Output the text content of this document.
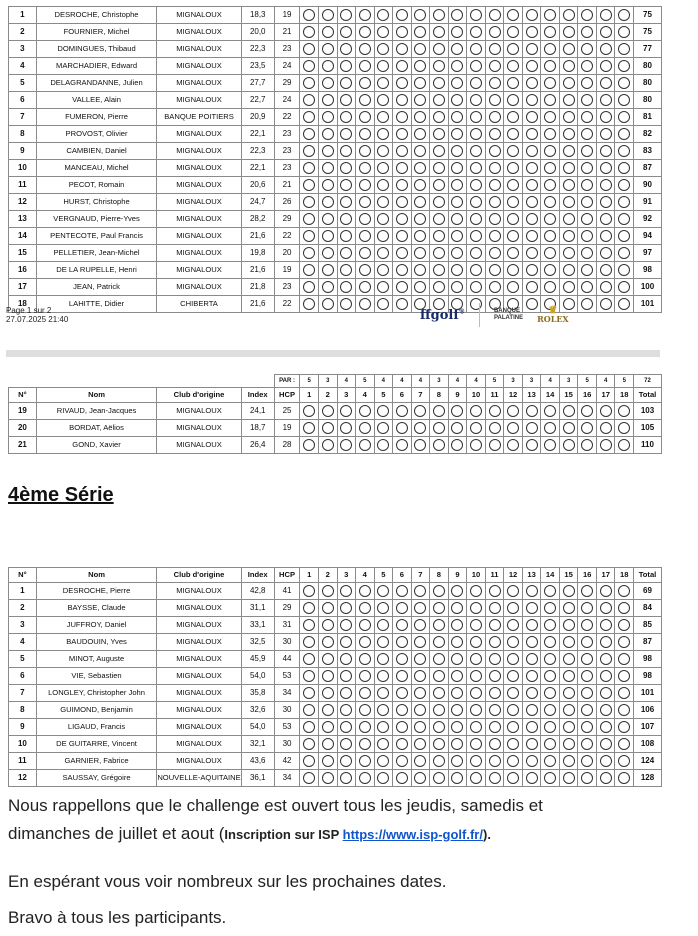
1	DESROCHE, Christophe	MIGNALOUX	18,3	19																			75
2	FOURNIER, Michel	MIGNALOUX	20,0	21																			75
3	DOMINGUES, Thibaud	MIGNALOUX	22,3	23																			77
4	MARCHADIER, Edward	MIGNALOUX	23,5	24																			80
5	DELAGRANDANNE, Julien	MIGNALOUX	27,7	29																			80
6	VALLEE, Alain	MIGNALOUX	22,7	24																			80
7	FUMERON, Pierre	BANQUE POITIERS	20,9	22																			81
8	PROVOST, Olivier	MIGNALOUX	22,1	23																			82
9	CAMBIEN, Daniel	MIGNALOUX	22,3	23																			83
10	MANCEAU, Michel	MIGNALOUX	22,1	23																			87
11	PECOT, Romain	MIGNALOUX	20,6	21																			90
12	HURST, Christophe	MIGNALOUX	24,7	26																			91
13	VERGNAUD, Pierre-Yves	MIGNALOUX	28,2	29																			92
14	PENTECOTE, Paul Francis	MIGNALOUX	21,6	22																			94
15	PELLETIER, Jean-Michel	MIGNALOUX	19,8	20																			97
16	DE LA RUPELLE, Henri	MIGNALOUX	21,6	19																			98
17	JEAN, Patrick	MIGNALOUX	21,8	23																			100
18	LAHITTE, Didier	CHIBERTA	21,6	22																			101
Page 1 sur 2
27.07.2025 21:40	ffgolf®	BANQUE
PALATINE
♛
ROLEX
				PAR :	5	3	4	5	4	4	4	3	4	4	5	3	3	4	3	5	4	5	72
N°	Nom	Club d'origine	Index	HCP	1	2	3	4	5	6	7	8	9	10	11	12	13	14	15	16	17	18	Total
19	RIVAUD, Jean-Jacques	MIGNALOUX	24,1	25																			103
20	BORDAT, Aëlios	MIGNALOUX	18,7	19																			105
21	GOND, Xavier	MIGNALOUX	26,4	28																			110
4ème Série
N°	Nom	Club d'origine	Index	HCP	1	2	3	4	5	6	7	8	9	10	11	12	13	14	15	16	17	18	Total
1	DESROCHE, Pierre	MIGNALOUX	42,8	41																			69
2	BAYSSE, Claude	MIGNALOUX	31,1	29																			84
3	JUFFROY, Daniel	MIGNALOUX	33,1	31																			85
4	BAUDOUIN, Yves	MIGNALOUX	32,5	30																			87
5	MINOT, Auguste	MIGNALOUX	45,9	44																			98
6	VIE, Sebastien	MIGNALOUX	54,0	53																			98
7	LONGLEY, Christopher John	MIGNALOUX	35,8	34																			101
8	GUIMOND, Benjamin	MIGNALOUX	32,6	30																			106
9	LIGAUD, Francis	MIGNALOUX	54,0	53																			107
10	DE GUITARRE, Vincent	MIGNALOUX	32,1	30																			108
11	GARNIER, Fabrice	MIGNALOUX	43,6	42																			124
12	SAUSSAY, Grégoire	NOUVELLE-AQUITAINE	36,1	34																			128
Nous rappellons que le challenge est ouvert tous les jeudis, samedis et
dimanches de juillet et aout (Inscription sur ISP https://www.isp-golf.fr/).
En espérant vous voir nombreux sur les prochaines dates.
Bravo à tous les participants.
